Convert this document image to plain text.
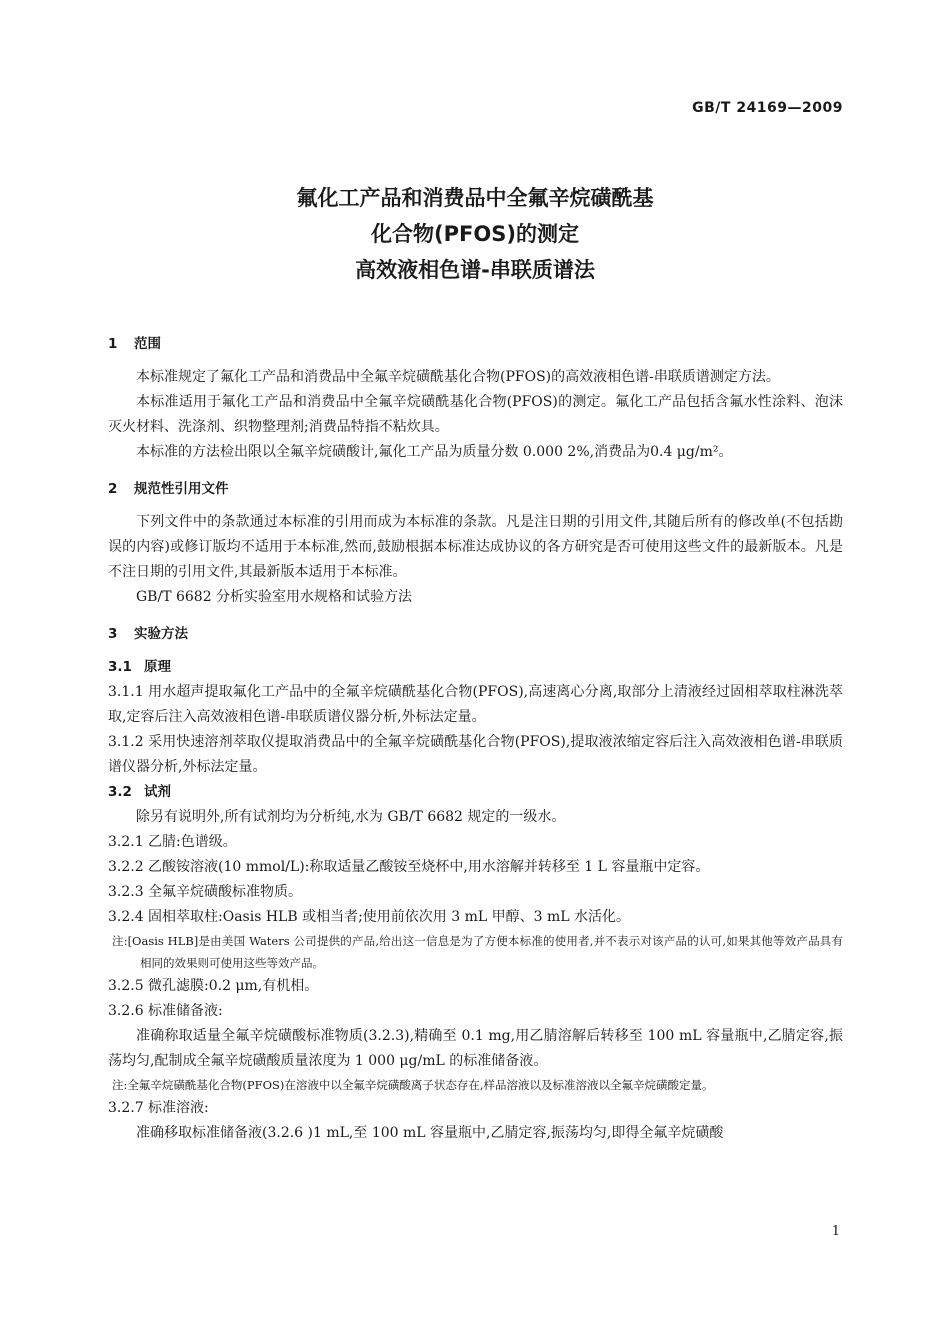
GB/T 24169—2009
氟化工产品和消费品中全氟辛烷磺酰基
化合物(PFOS)的测定
高效液相色谱-串联质谱法
1 范围

本标准规定了氟化工产品和消费品中全氟辛烷磺酰基化合物(PFOS)的高效液相色谱-串联质谱测定方法。

本标准适用于氟化工产品和消费品中全氟辛烷磺酰基化合物(PFOS)的测定。氟化工产品包括含氟水性涂料、泡沫灭火材料、洗涤剂、织物整理剂;消费品特指不粘炊具。

本标准的方法检出限以全氟辛烷磺酸计,氟化工产品为质量分数 0.000 2%,消费品为0.4 μg/m²。

2 规范性引用文件

下列文件中的条款通过本标准的引用而成为本标准的条款。凡是注日期的引用文件,其随后所有的修改单(不包括勘误的内容)或修订版均不适用于本标准,然而,鼓励根据本标准达成协议的各方研究是否可使用这些文件的最新版本。凡是不注日期的引用文件,其最新版本适用于本标准。

GB/T 6682 分析实验室用水规格和试验方法

3 实验方法
3.1 原理

3.1.1 用水超声提取氟化工产品中的全氟辛烷磺酰基化合物(PFOS),高速离心分离,取部分上清液经过固相萃取柱淋洗萃取,定容后注入高效液相色谱-串联质谱仪器分析,外标法定量。

3.1.2 采用快速溶剂萃取仪提取消费品中的全氟辛烷磺酰基化合物(PFOS),提取液浓缩定容后注入高效液相色谱-串联质谱仪器分析,外标法定量。

3.2 试剂

除另有说明外,所有试剂均为分析纯,水为 GB/T 6682 规定的一级水。

3.2.1 乙腈:色谱级。

3.2.2 乙酸铵溶液(10 mmol/L):称取适量乙酸铵至烧杯中,用水溶解并转移至 1 L 容量瓶中定容。

3.2.3 全氟辛烷磺酸标准物质。

3.2.4 固相萃取柱:Oasis HLB 或相当者;使用前依次用 3 mL 甲醇、3 mL 水活化。

注:[Oasis HLB]是由美国 Waters 公司提供的产品,给出这一信息是为了方便本标准的使用者,并不表示对该产品的认可,如果其他等效产品具有相同的效果则可使用这些等效产品。

3.2.5 微孔滤膜:0.2 μm,有机相。

3.2.6 标准储备液:

准确称取适量全氟辛烷磺酸标准物质(3.2.3),精确至 0.1 mg,用乙腈溶解后转移至 100 mL 容量瓶中,乙腈定容,振荡均匀,配制成全氟辛烷磺酸质量浓度为 1 000 μg/mL 的标准储备液。

注:全氟辛烷磺酰基化合物(PFOS)在溶液中以全氟辛烷磺酸离子状态存在,样品溶液以及标准溶液以全氟辛烷磺酸定量。

3.2.7 标准溶液:

准确移取标准储备液(3.2.6 )1 mL,至 100 mL 容量瓶中,乙腈定容,振荡均匀,即得全氟辛烷磺酸

1
